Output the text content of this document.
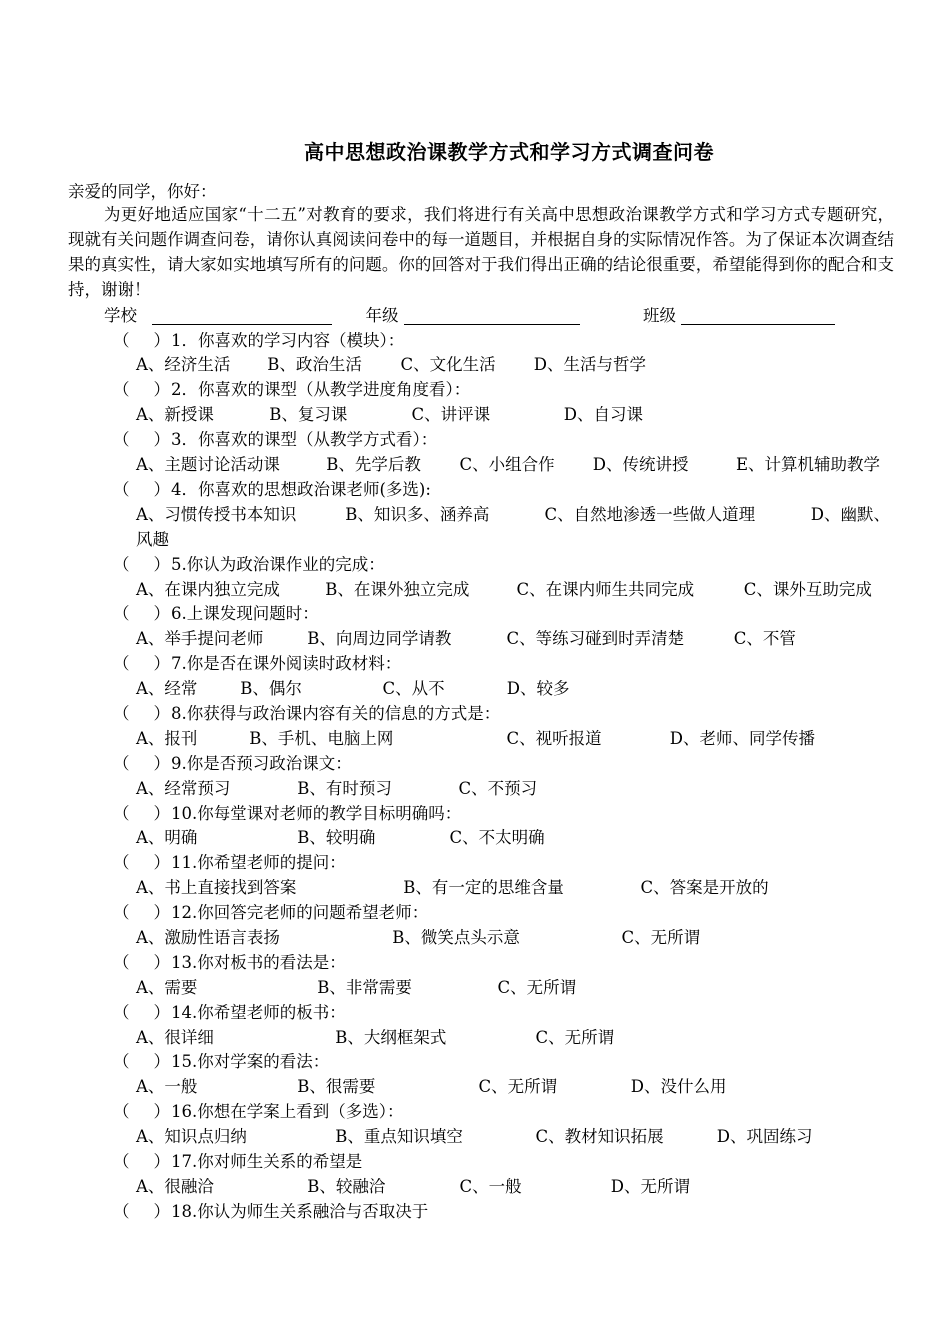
高中思想政治课教学方式和学习方式调查问卷
亲爱的同学，你好：
为更好地适应国家“十二五”对教育的要求，我们将进行有关高中思想政治课教学方式和学习方式专题研究，现就有关问题作调查问卷，请你认真阅读问卷中的每一道题目，并根据自身的实际情况作答。为了保证本次调查结果的真实性，请大家如实地填写所有的问题。你的回答对于我们得出正确的结论很重要，希望能得到你的配合和支持，谢谢！
学校	年级	班级
（ ）1．你喜欢的学习内容（模块）：
A、经济生活 B、政治生活 C、文化生活 D、生活与哲学
（ ）2．你喜欢的课型（从教学进度角度看）：
A、新授课	B、复习课	C、讲评课	D、自习课
（ ）3．你喜欢的课型（从教学方式看）：
A、主题讨论活动课	B、先学后教 C、小组合作 D、传统讲授	E、计算机辅助教学
（ ）4．你喜欢的思想政治课老师(多选):
A、习惯传授书本知识	B、知识多、涵养高	C、自然地渗透一些做人道理	D、幽默、
风趣
（ ）5.你认为政治课作业的完成：
A、在课内独立完成	B、在课外独立完成	C、在课内师生共同完成	C、课外互助完成
（ ）6.上课发现问题时：
A、举手提问老师	B、向周边同学请教	C、等练习碰到时弄清楚	C、不管
（ ）7.你是否在课外阅读时政材料：
A、经常	B、偶尔	C、从不	D、较多
（ ）8.你获得与政治课内容有关的信息的方式是：
A、报刊	B、手机、电脑上网	C、视听报道	D、老师、同学传播
（ ）9.你是否预习政治课文：
A、经常预习	B、有时预习	C、不预习
（ ）10.你每堂课对老师的教学目标明确吗：
A、明确	B、较明确	C、不太明确
（ ）11.你希望老师的提问：
A、书上直接找到答案	B、有一定的思维含量	C、答案是开放的
（ ）12.你回答完老师的问题希望老师：
A、激励性语言表扬	B、微笑点头示意	C、无所谓
（ ）13.你对板书的看法是：
A、需要	B、非常需要	C、无所谓
（ ）14.你希望老师的板书：
A、很详细	B、大纲框架式	C、无所谓
（ ）15.你对学案的看法：
A、一般	B、很需要	C、无所谓	D、没什么用
（ ）16.你想在学案上看到（多选）：
A、知识点归纳	B、重点知识填空	C、教材知识拓展	D、巩固练习
（ ）17.你对师生关系的希望是
A、很融洽	B、较融洽	C、一般	D、无所谓
（ ）18.你认为师生关系融洽与否取决于
